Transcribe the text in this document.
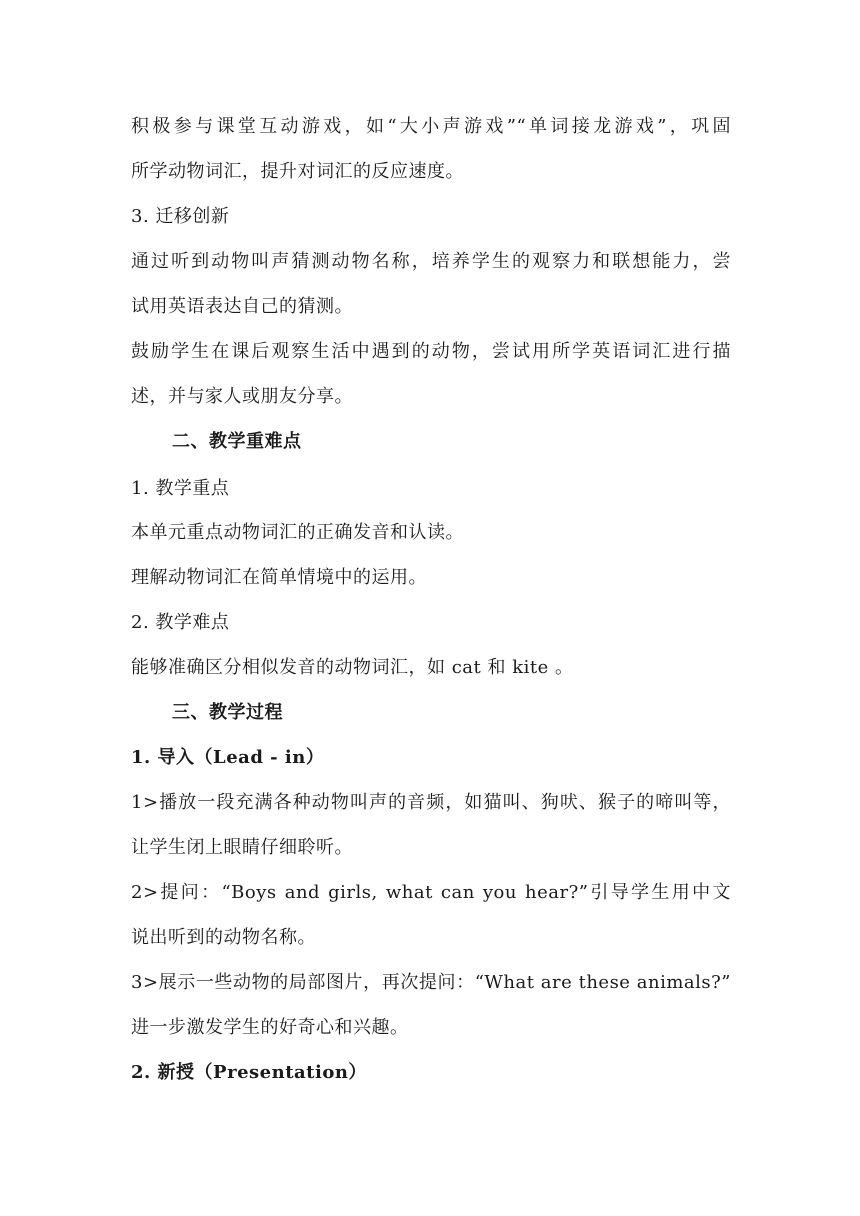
积极参与课堂互动游戏，如“大小声游戏”“单词接龙游戏”，巩固
所学动物词汇，提升对词汇的反应速度。
3. 迁移创新
通过听到动物叫声猜测动物名称，培养学生的观察力和联想能力，尝
试用英语表达自己的猜测。
鼓励学生在课后观察生活中遇到的动物，尝试用所学英语词汇进行描
述，并与家人或朋友分享。
二、教学重难点
1. 教学重点
本单元重点动物词汇的正确发音和认读。
理解动物词汇在简单情境中的运用。
2. 教学难点
能够准确区分相似发音的动物词汇，如 cat 和 kite 。
三、教学过程
1. 导入（Lead - in）
1>播放一段充满各种动物叫声的音频，如猫叫、狗吠、猴子的啼叫等，
让学生闭上眼睛仔细聆听。
2>提问：“Boys and girls, what can you hear?”引导学生用中文
说出听到的动物名称。
3>展示一些动物的局部图片，再次提问：“What are these animals?”
进一步激发学生的好奇心和兴趣。
2. 新授（Presentation）
